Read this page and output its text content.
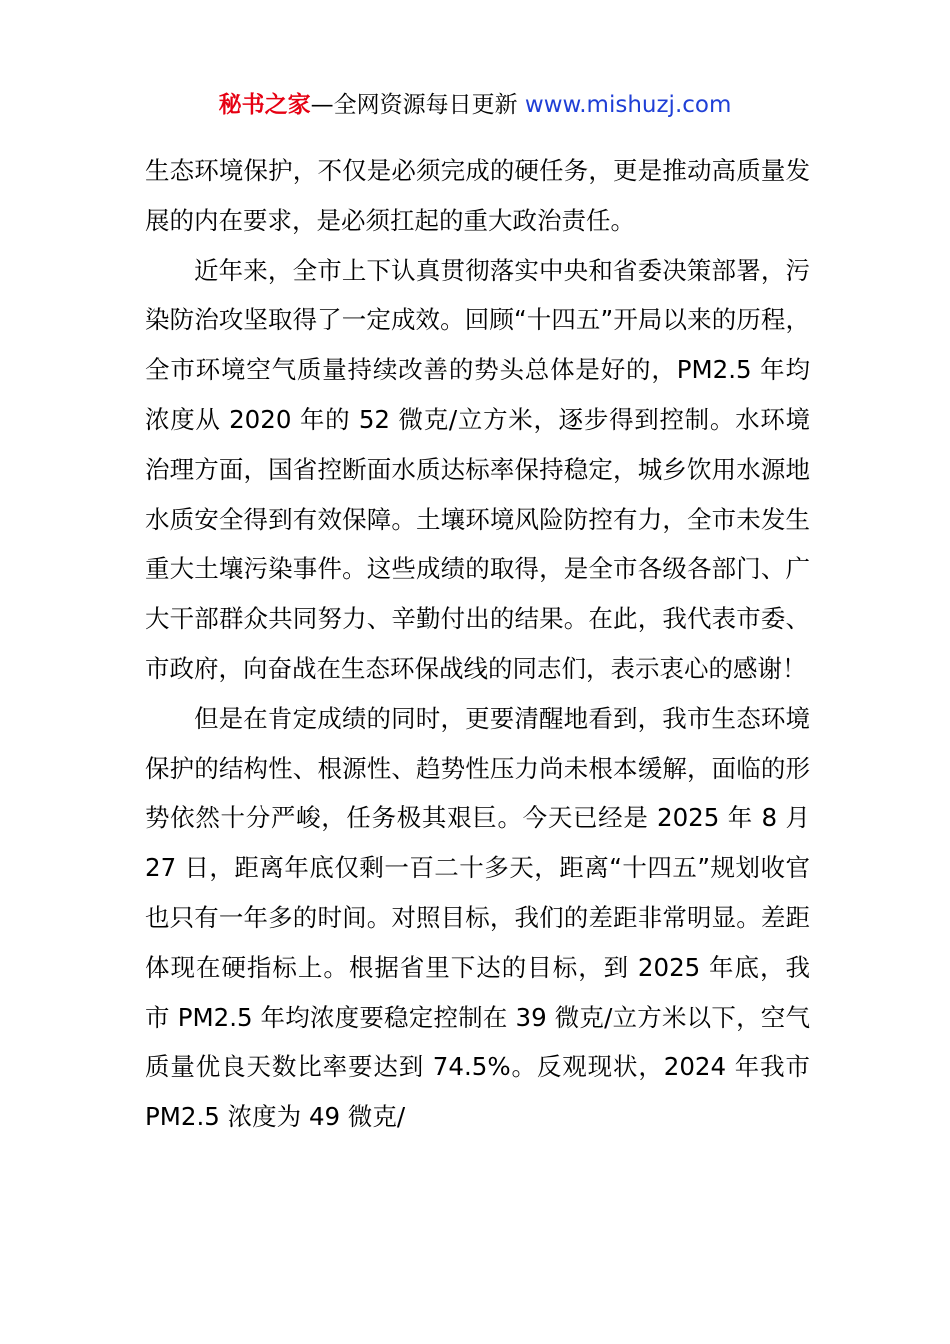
秘书之家—全网资源每日更新 www.mishuzj.com

生态环境保护，不仅是必须完成的硬任务，更是推动高质量发展的内在要求，是必须扛起的重大政治责任。

近年来，全市上下认真贯彻落实中央和省委决策部署，污染防治攻坚取得了一定成效。回顾“十四五”开局以来的历程，全市环境空气质量持续改善的势头总体是好的，PM2.5 年均浓度从 2020 年的 52 微克/立方米，逐步得到控制。水环境治理方面，国省控断面水质达标率保持稳定，城乡饮用水源地水质安全得到有效保障。土壤环境风险防控有力，全市未发生重大土壤污染事件。这些成绩的取得，是全市各级各部门、广大干部群众共同努力、辛勤付出的结果。在此，我代表市委、市政府，向奋战在生态环保战线的同志们，表示衷心的感谢！

但是在肯定成绩的同时，更要清醒地看到，我市生态环境保护的结构性、根源性、趋势性压力尚未根本缓解，面临的形势依然十分严峻，任务极其艰巨。今天已经是 2025 年 8 月 27 日，距离年底仅剩一百二十多天，距离“十四五”规划收官也只有一年多的时间。对照目标，我们的差距非常明显。差距体现在硬指标上。根据省里下达的目标，到 2025 年底，我市 PM2.5 年均浓度要稳定控制在 39 微克/立方米以下，空气质量优良天数比率要达到 74.5%。反观现状，2024 年我市 PM2.5 浓度为 49 微克/
